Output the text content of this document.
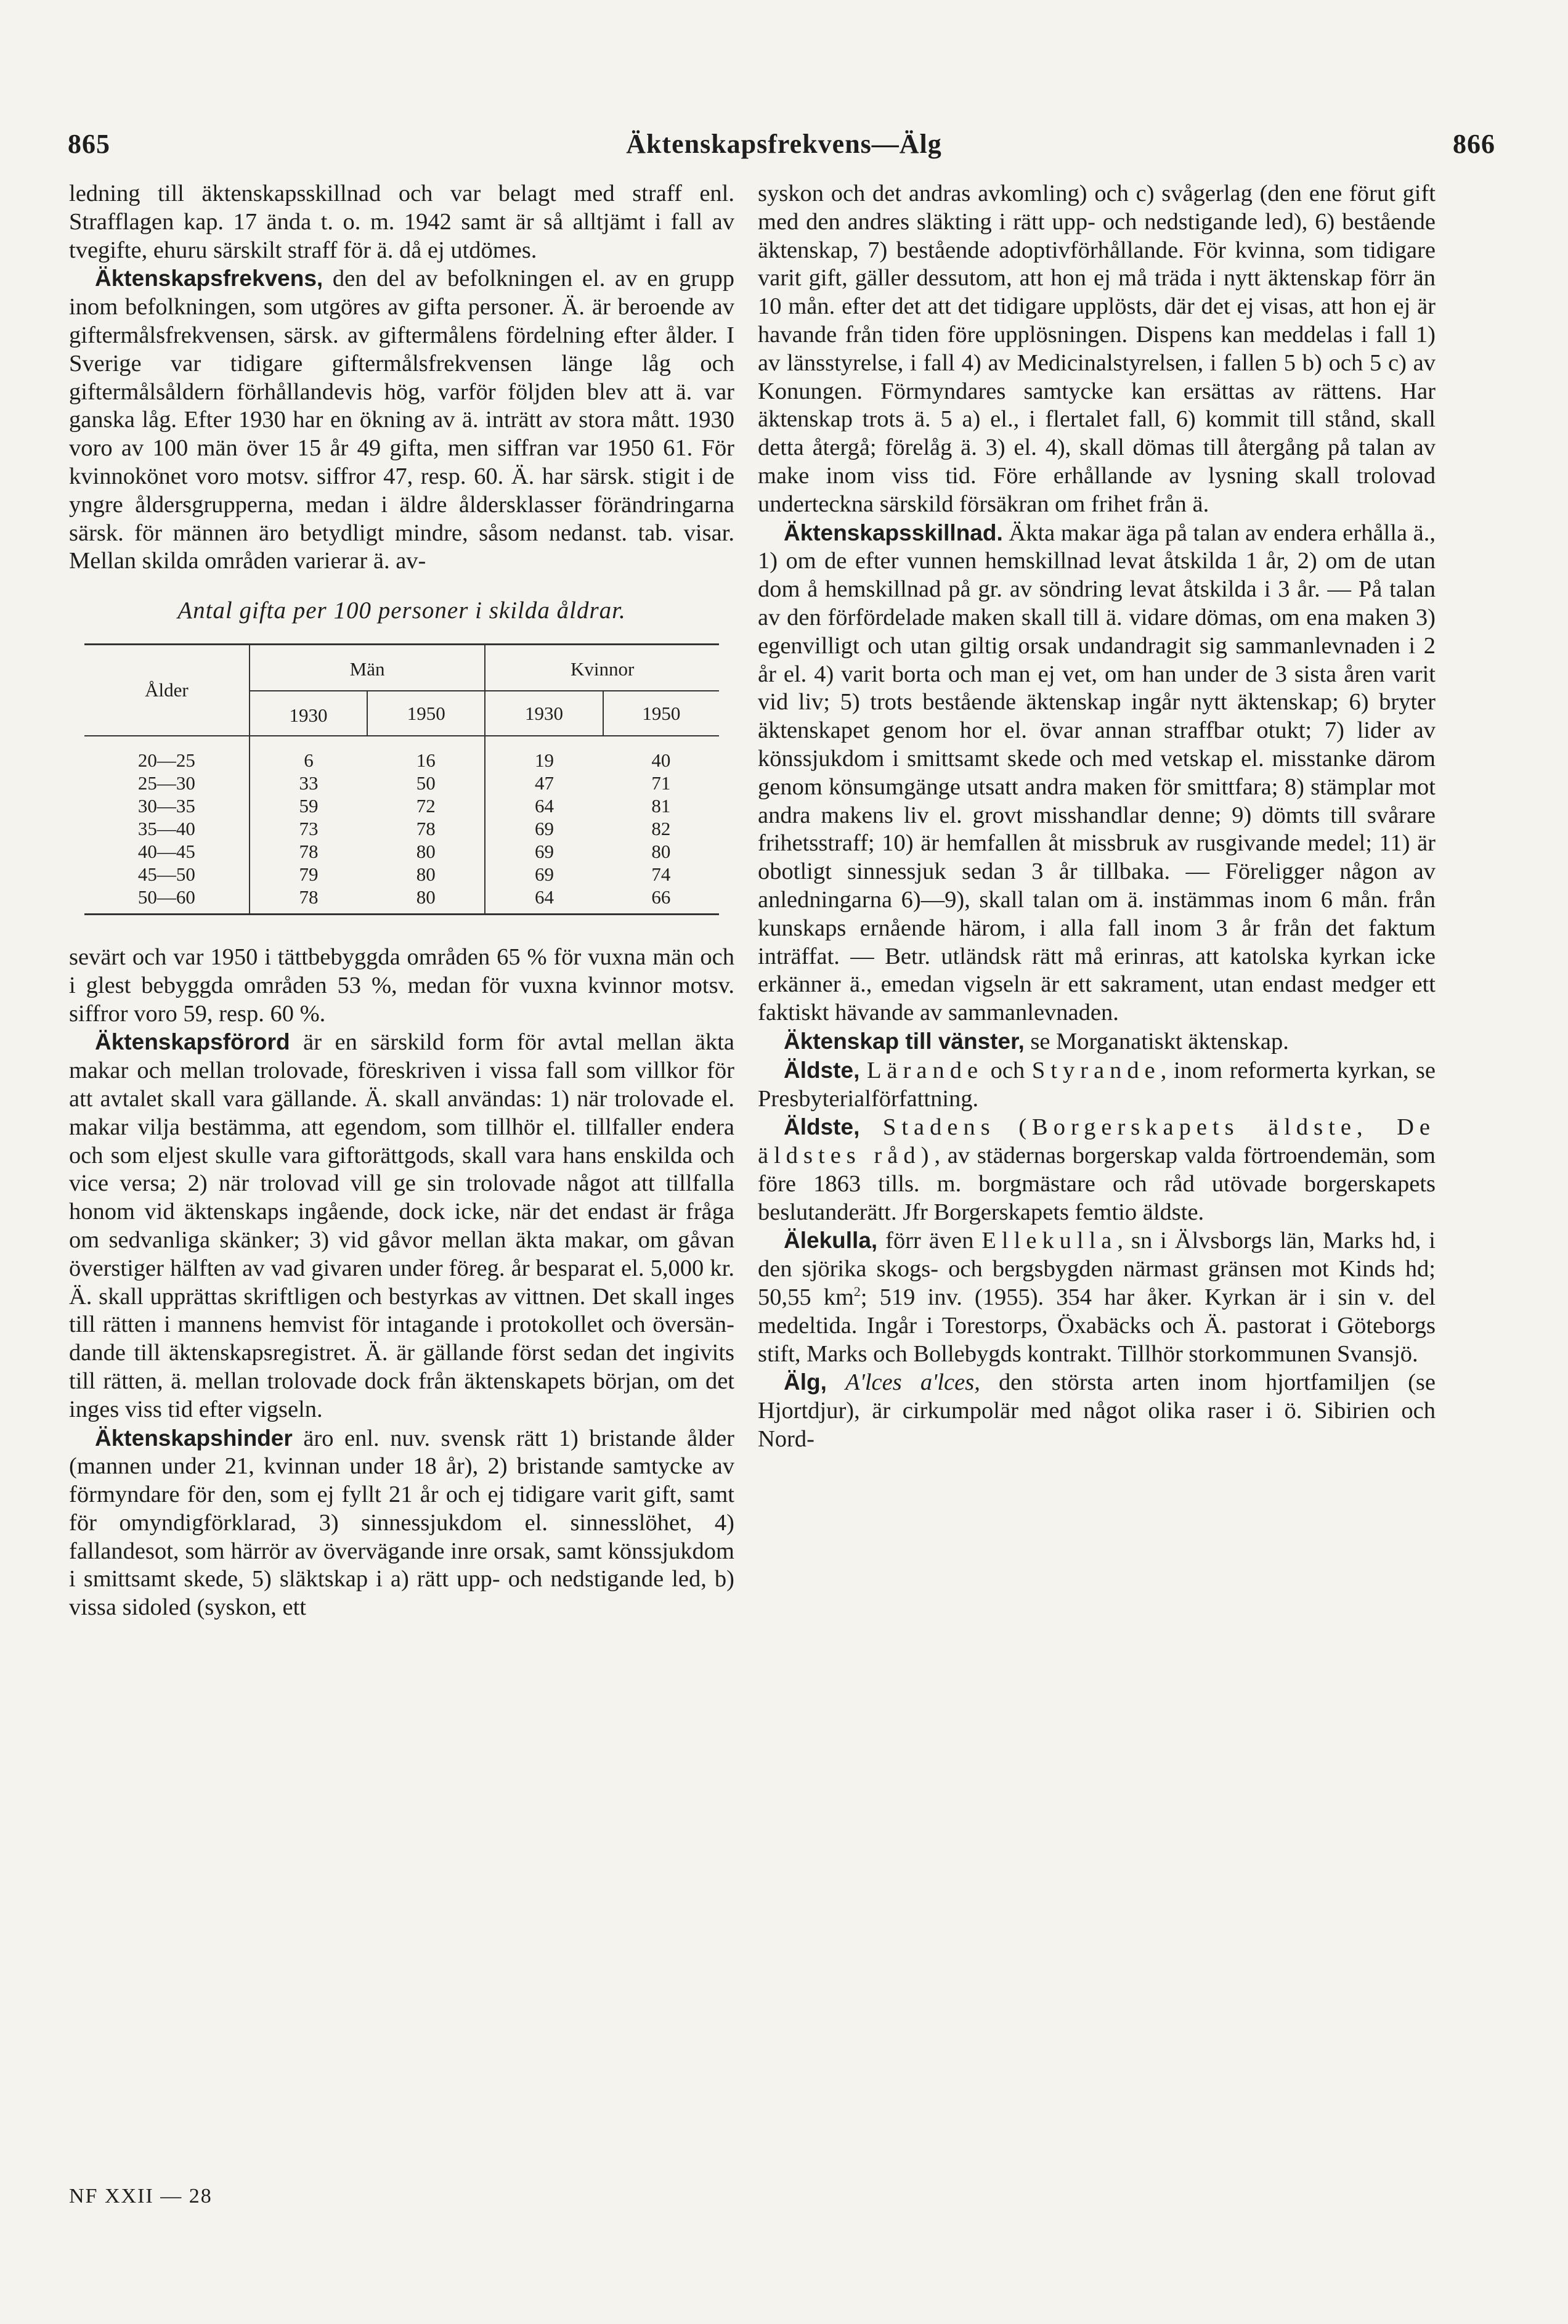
865	Äktenskapsfrekvens—Älg	866

ledning till äktenskapsskillnad och var belagt med straff enl. Strafflagen kap. 17 ända t. o. m. 1942 samt är så alltjämt i fall av tvegifte, ehuru särskilt straff för ä. då ej utdömes.

Äktenskapsfrekvens, den del av befolkningen el. av en grupp inom befolkningen, som utgöres av gifta personer. Ä. är beroende av giftermålsfrekvensen, särsk. av giftermålens fördelning efter ålder. I Sverige var tidigare giftermålsfrekvensen länge låg och giftermålsåldern förhållandevis hög, varför följden blev att ä. var ganska låg. Efter 1930 har en ökning av ä. inträtt av stora mått. 1930 voro av 100 män över 15 år 49 gifta, men siffran var 1950 61. För kvinnokönet voro motsv. siffror 47, resp. 60. Ä. har särsk. stigit i de yngre åldersgrupperna, medan i äldre åldersklasser förändringarna särsk. för männen äro betydligt mindre, såsom nedanst. tab. visar. Mellan skilda områden varierar ä. av-

Antal gifta per 100 personer i skilda åldrar.
Ålder	Män		Kvinnor	
	1930	1950	1930	1950
20—25	6	16	19	40
25—30	33	50	47	71
30—35	59	72	64	81
35—40	73	78	69	82
40—45	78	80	69	80
45—50	79	80	69	74
50—60	78	80	64	66

sevärt och var 1950 i tättbebyggda områden 65 % för vuxna män och i glest bebyggda områden 53 %, medan för vuxna kvinnor motsv. siffror voro 59, resp. 60 %.

Äktenskapsförord är en särskild form för avtal mellan äkta makar och mellan trolovade, föreskriven i vissa fall som villkor för att avtalet skall vara gällande. Ä. skall användas: 1) när trolovade el. makar vilja bestämma, att egendom, som tillhör el. tillfaller endera och som eljest skulle vara giftorättgods, skall vara hans enskilda och vice versa; 2) när trolovad vill ge sin trolovade något att tillfalla honom vid äktenskaps ingående, dock icke, när det endast är fråga om sedvanliga skänker; 3) vid gåvor mellan äkta makar, om gåvan överstiger hälften av vad givaren under föreg. år besparat el. 5,000 kr. Ä. skall upprättas skriftligen och bestyrkas av vittnen. Det skall inges till rätten i mannens hemvist för intagande i protokollet och översändande till äktenskapsregistret. Ä. är gällande först sedan det ingivits till rätten, ä. mellan trolovade dock från äktenskapets början, om det inges viss tid efter vigseln.

Äktenskapshinder äro enl. nuv. svensk rätt 1) bristande ålder (mannen under 21, kvinnan under 18 år), 2) bristande samtycke av förmyndare för den, som ej fyllt 21 år och ej tidigare varit gift, samt för omyndigförklarad, 3) sinnessjukdom el. sinnesslöhet, 4) fallandesot, som härrör av övervägande inre orsak, samt könssjukdom i smittsamt skede, 5) släktskap i a) rätt upp- och nedstigande led, b) vissa sidoled (syskon, ett

NF XXII — 28

syskon och det andras avkomling) och c) svågerlag (den ene förut gift med den andres släkting i rätt upp- och nedstigande led), 6) bestående äktenskap, 7) bestående adoptivförhållande. För kvinna, som tidigare varit gift, gäller dessutom, att hon ej må träda i nytt äktenskap förr än 10 mån. efter det att det tidigare upplösts, där det ej visas, att hon ej är havande från tiden före upplösningen. Dispens kan meddelas i fall 1) av länsstyrelse, i fall 4) av Medicinalstyrelsen, i fallen 5 b) och 5 c) av Konungen. Förmyndares samtycke kan ersättas av rättens. Har äktenskap trots ä. 5 a) el., i flertalet fall, 6) kommit till stånd, skall detta återgå; förelåg ä. 3) el. 4), skall dömas till återgång på talan av make inom viss tid. Före erhållande av lysning skall trolovad underteckna särskild försäkran om frihet från ä.

Äktenskapsskillnad. Äkta makar äga på talan av endera erhålla ä., 1) om de efter vunnen hemskillnad levat åtskilda 1 år, 2) om de utan dom å hemskillnad på gr. av söndring levat åtskilda i 3 år. — På talan av den förfördelade maken skall till ä. vidare dömas, om ena maken 3) egenvilligt och utan giltig orsak undandragit sig sammanlevnaden i 2 år el. 4) varit borta och man ej vet, om han under de 3 sista åren varit vid liv; 5) trots bestående äktenskap ingår nytt äktenskap; 6) bryter äktenskapet genom hor el. övar annan straffbar otukt; 7) lider av könssjukdom i smittsamt skede och med vetskap el. misstanke därom genom könsumgänge utsatt andra maken för smittfara; 8) stämplar mot andra makens liv el. grovt misshandlar denne; 9) dömts till svårare frihetsstraff; 10) är hemfallen åt missbruk av rusgivande medel; 11) är obotligt sinnessjuk sedan 3 år tillbaka. — Föreligger någon av anledningarna 6)—9), skall talan om ä. instämmas inom 6 mån. från kunskaps ernående härom, i alla fall inom 3 år från det faktum inträffat. — Betr. utländsk rätt må erinras, att katolska kyrkan icke erkänner ä., emedan vigseln är ett sakrament, utan endast medger ett faktiskt hävande av sammanlevnaden.

Äktenskap till vänster, se Morganatiskt äktenskap.

Äldste, Lärande och Styrande, inom reformerta kyrkan, se Presbyterialförfattning.

Äldste, Stadens (Borgerskapets äldste, De äldstes råd), av städernas borgerskap valda förtroendemän, som före 1863 tills. m. borgmästare och råd utövade borgerskapets beslutanderätt. Jfr Borgerskapets femtio äldste.

Älekulla, förr även Ellekulla, sn i Älvsborgs län, Marks hd, i den sjörika skogs- och bergsbygden närmast gränsen mot Kinds hd; 50,55 $km^2$; 519 inv. (1955). 354 har åker. Kyrkan är i sin v. del medeltida. Ingår i Torestorps, Öxabäcks och Ä. pastorat i Göteborgs stift, Marks och Bollebygds kontrakt. Tillhör storkommunen Svansjö.

Älg, A'lces a'lces, den största arten inom hjortfamiljen (se Hjortdjur), är cirkumpolär med något olika raser i ö. Sibirien och Nord-
